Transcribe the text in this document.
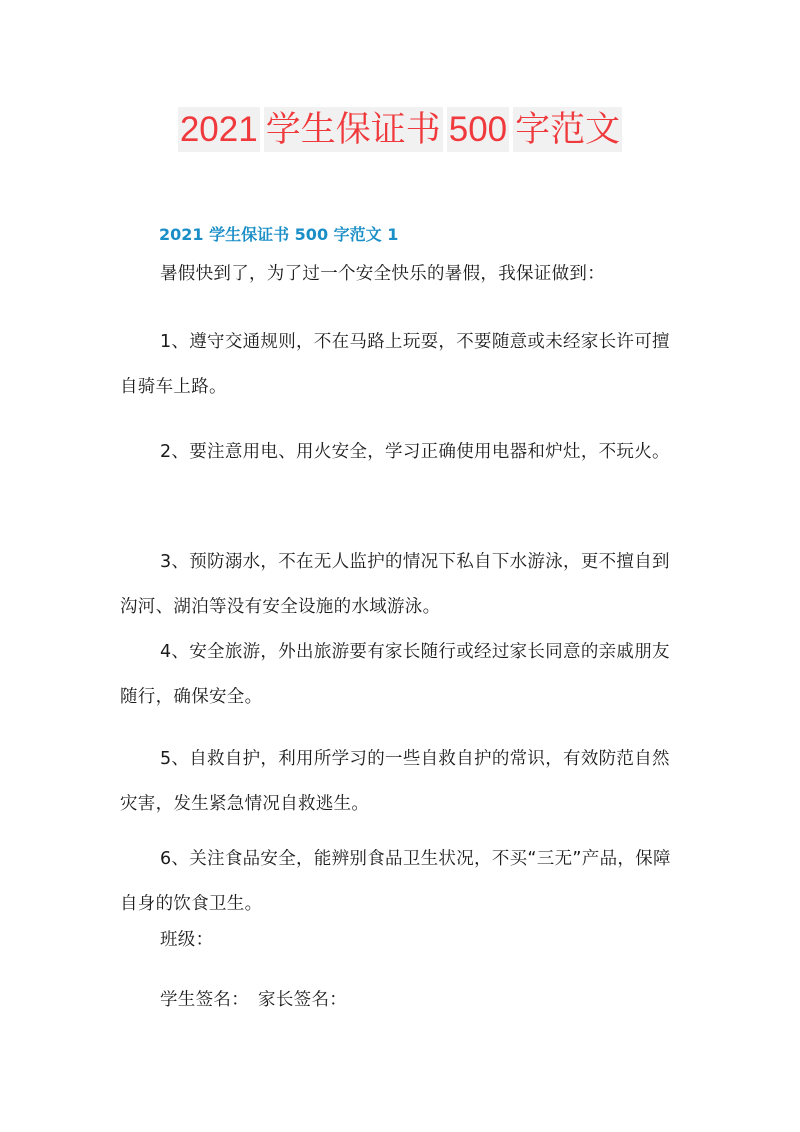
2021 学生保证书 500 字范文
2021 学生保证书 500 字范文 1

暑假快到了，为了过一个安全快乐的暑假，我保证做到：

1、遵守交通规则，不在马路上玩耍，不要随意或未经家长许可擅自骑车上路。

2、要注意用电、用火安全，学习正确使用电器和炉灶，不玩火。

3、预防溺水，不在无人监护的情况下私自下水游泳，更不擅自到沟河、湖泊等没有安全设施的水域游泳。

4、安全旅游，外出旅游要有家长随行或经过家长同意的亲戚朋友随行，确保安全。

5、自救自护，利用所学习的一些自救自护的常识，有效防范自然灾害，发生紧急情况自救逃生。

6、关注食品安全，能辨别食品卫生状况，不买“三无”产品，保障自身的饮食卫生。

班级：

学生签名：　家长签名：
